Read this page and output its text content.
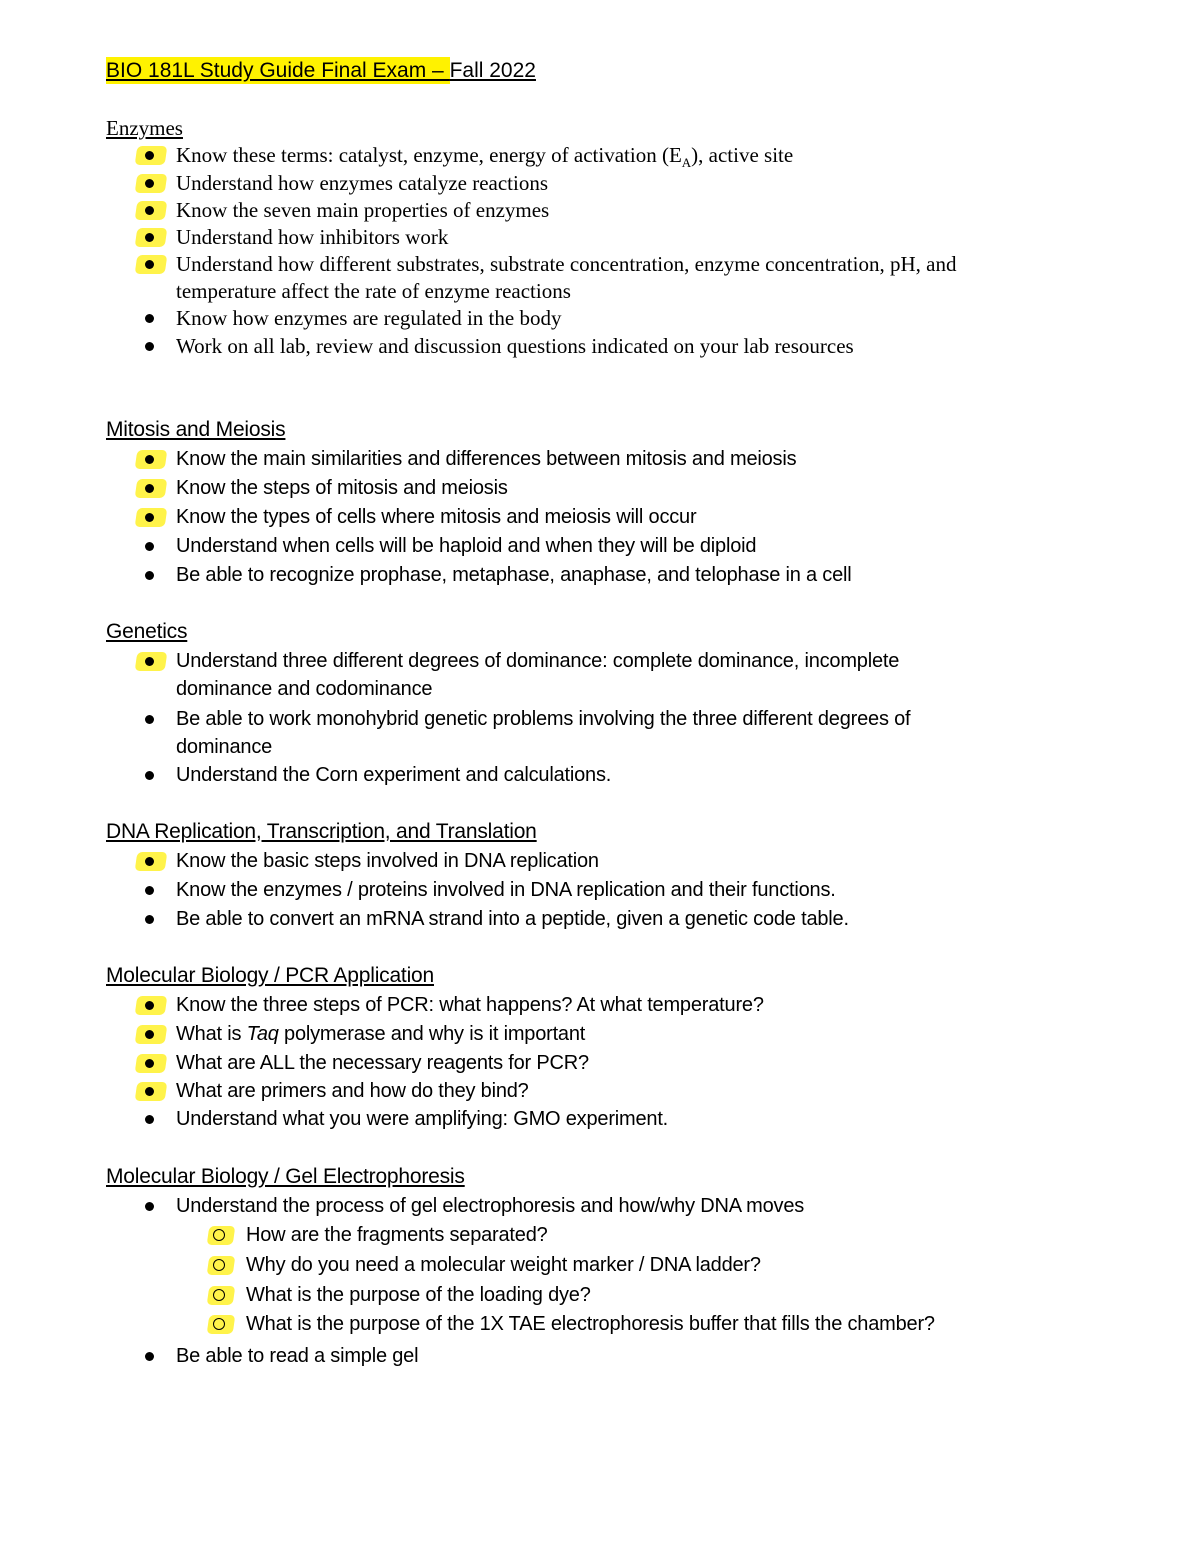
BIO 181L Study Guide Final Exam – Fall 2022
Enzymes
Know these terms: catalyst, enzyme, energy of activation $(E_A)$, active site
Understand how enzymes catalyze reactions
Know the seven main properties of enzymes
Understand how inhibitors work
Understand how different substrates, substrate concentration, enzyme concentration, pH, and
temperature affect the rate of enzyme reactions
Know how enzymes are regulated in the body
Work on all lab, review and discussion questions indicated on your lab resources
Mitosis and Meiosis
Know the main similarities and differences between mitosis and meiosis
Know the steps of mitosis and meiosis
Know the types of cells where mitosis and meiosis will occur
Understand when cells will be haploid and when they will be diploid
Be able to recognize prophase, metaphase, anaphase, and telophase in a cell
Genetics
Understand three different degrees of dominance: complete dominance, incomplete
dominance and codominance
Be able to work monohybrid genetic problems involving the three different degrees of
dominance
Understand the Corn experiment and calculations.
DNA Replication, Transcription, and Translation
Know the basic steps involved in DNA replication
Know the enzymes / proteins involved in DNA replication and their functions.
Be able to convert an mRNA strand into a peptide, given a genetic code table.
Molecular Biology / PCR Application
Know the three steps of PCR: what happens? At what temperature?
What is Taq polymerase and why is it important
What are ALL the necessary reagents for PCR?
What are primers and how do they bind?
Understand what you were amplifying: GMO experiment.
Molecular Biology / Gel Electrophoresis
Understand the process of gel electrophoresis and how/why DNA moves
How are the fragments separated?
Why do you need a molecular weight marker / DNA ladder?
What is the purpose of the loading dye?
What is the purpose of the 1X TAE electrophoresis buffer that fills the chamber?
Be able to read a simple gel
